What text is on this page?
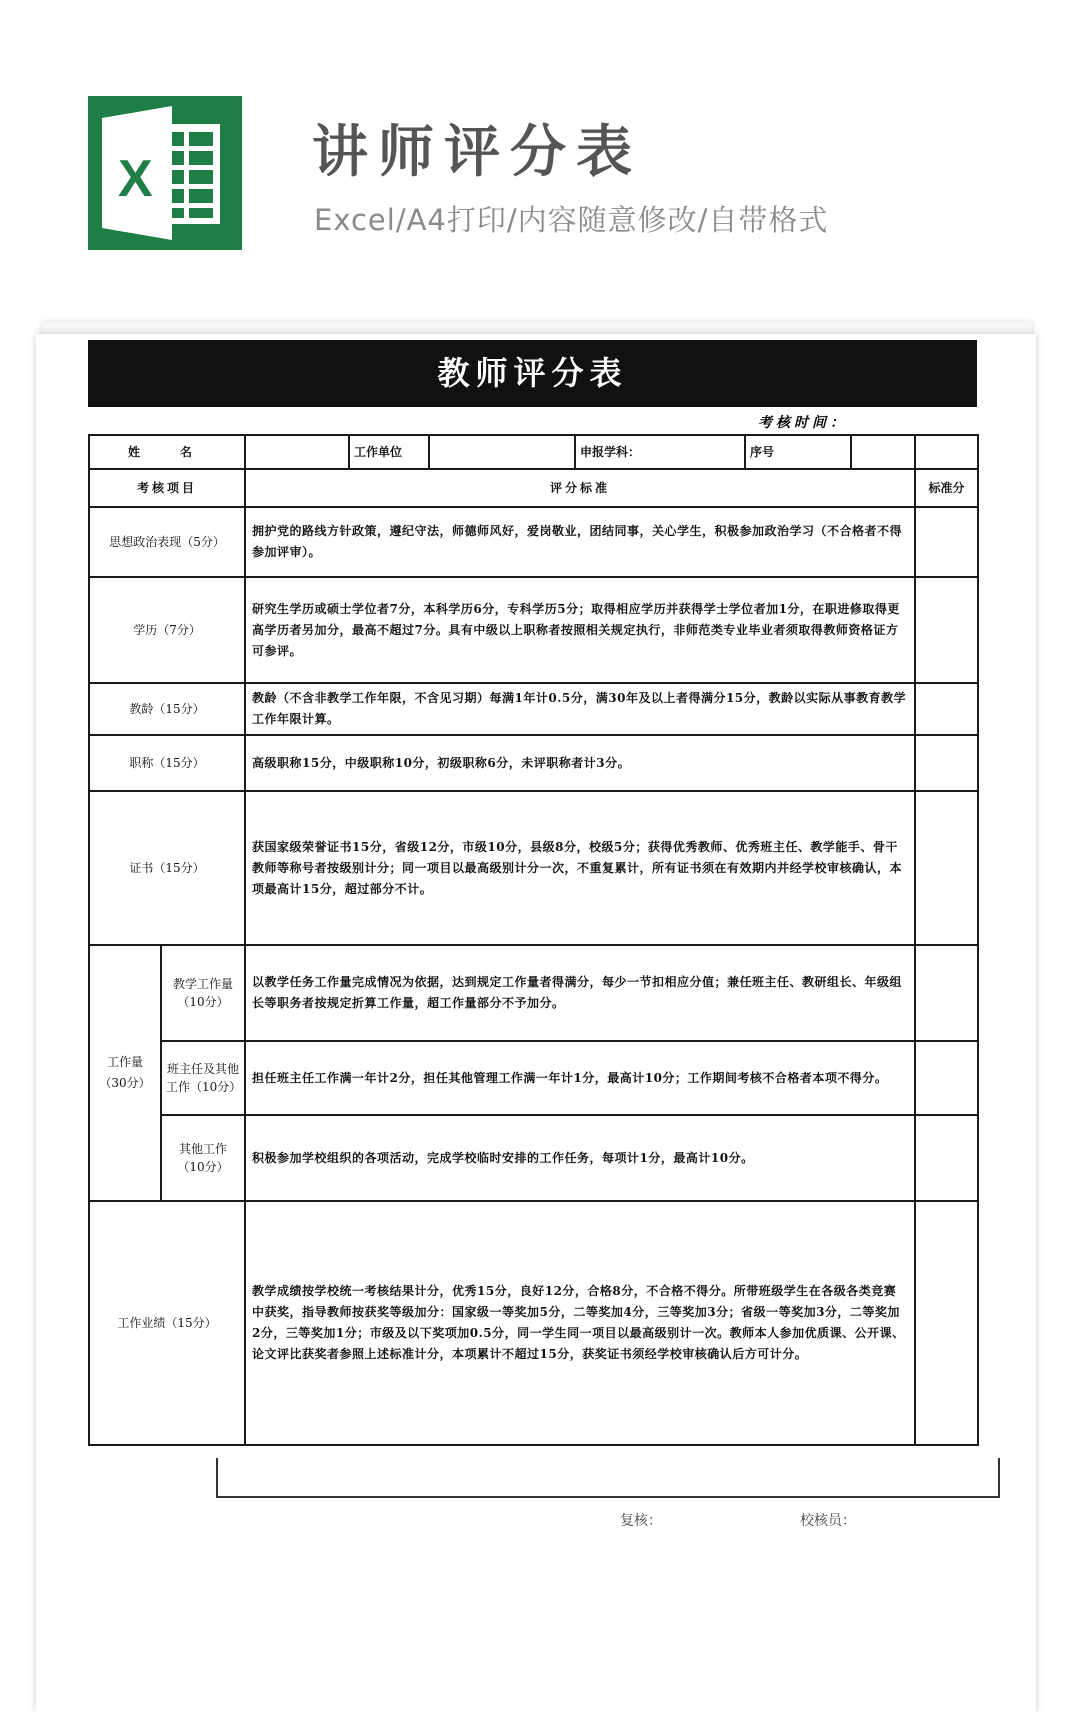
X	讲师评分表
Excel/A4打印/内容随意修改/自带格式
教师评分表
考核时间：
姓　名			工作单位		申报学科：	序号		
考核项目		评分标准						标准分
思想政治表现（5分）		拥护党的路线方针政策，遵纪守法，师德师风好，爱岗敬业，团结同事，关心学生，积极参加政治学习（不合格者不得参加评审）。						
学历（7分）		研究生学历或硕士学位者7分，本科学历6分，专科学历5分；取得相应学历并获得学士学位者加1分，在职进修取得更高学历者另加分，最高不超过7分。具有中级以上职称者按照相关规定执行，非师范类专业毕业者须取得教师资格证方可参评。						
教龄（15分）		教龄（不含非教学工作年限，不含见习期）每满1年计0.5分，满30年及以上者得满分15分，教龄以实际从事教育教学工作年限计算。						
职称（15分）		高级职称15分，中级职称10分，初级职称6分，未评职称者计3分。						
证书（15分）		获国家级荣誉证书15分，省级12分，市级10分，县级8分，校级5分；获得优秀教师、优秀班主任、教学能手、骨干教师等称号者按级别计分；同一项目以最高级别计分一次，不重复累计，所有证书须在有效期内并经学校审核确认，本项最高计15分，超过部分不计。						
工作量（30分）	教学工作量（10分）	以教学任务工作量完成情况为依据，达到规定工作量者得满分，每少一节扣相应分值；兼任班主任、教研组长、年级组长等职务者按规定折算工作量，超工作量部分不予加分。						
	班主任及其他工作（10分）	担任班主任工作满一年计2分，担任其他管理工作满一年计1分，最高计10分；工作期间考核不合格者本项不得分。						
	其他工作（10分）	积极参加学校组织的各项活动，完成学校临时安排的工作任务，每项计1分，最高计10分。						
工作业绩（15分）		教学成绩按学校统一考核结果计分，优秀15分，良好12分，合格8分，不合格不得分。所带班级学生在各级各类竞赛中获奖，指导教师按获奖等级加分：国家级一等奖加5分，二等奖加4分，三等奖加3分；省级一等奖加3分，二等奖加2分，三等奖加1分；市级及以下奖项加0.5分，同一学生同一项目以最高级别计一次。教师本人参加优质课、公开课、论文评比获奖者参照上述标准计分，本项累计不超过15分，获奖证书须经学校审核确认后方可计分。						
复核：	校核员：
